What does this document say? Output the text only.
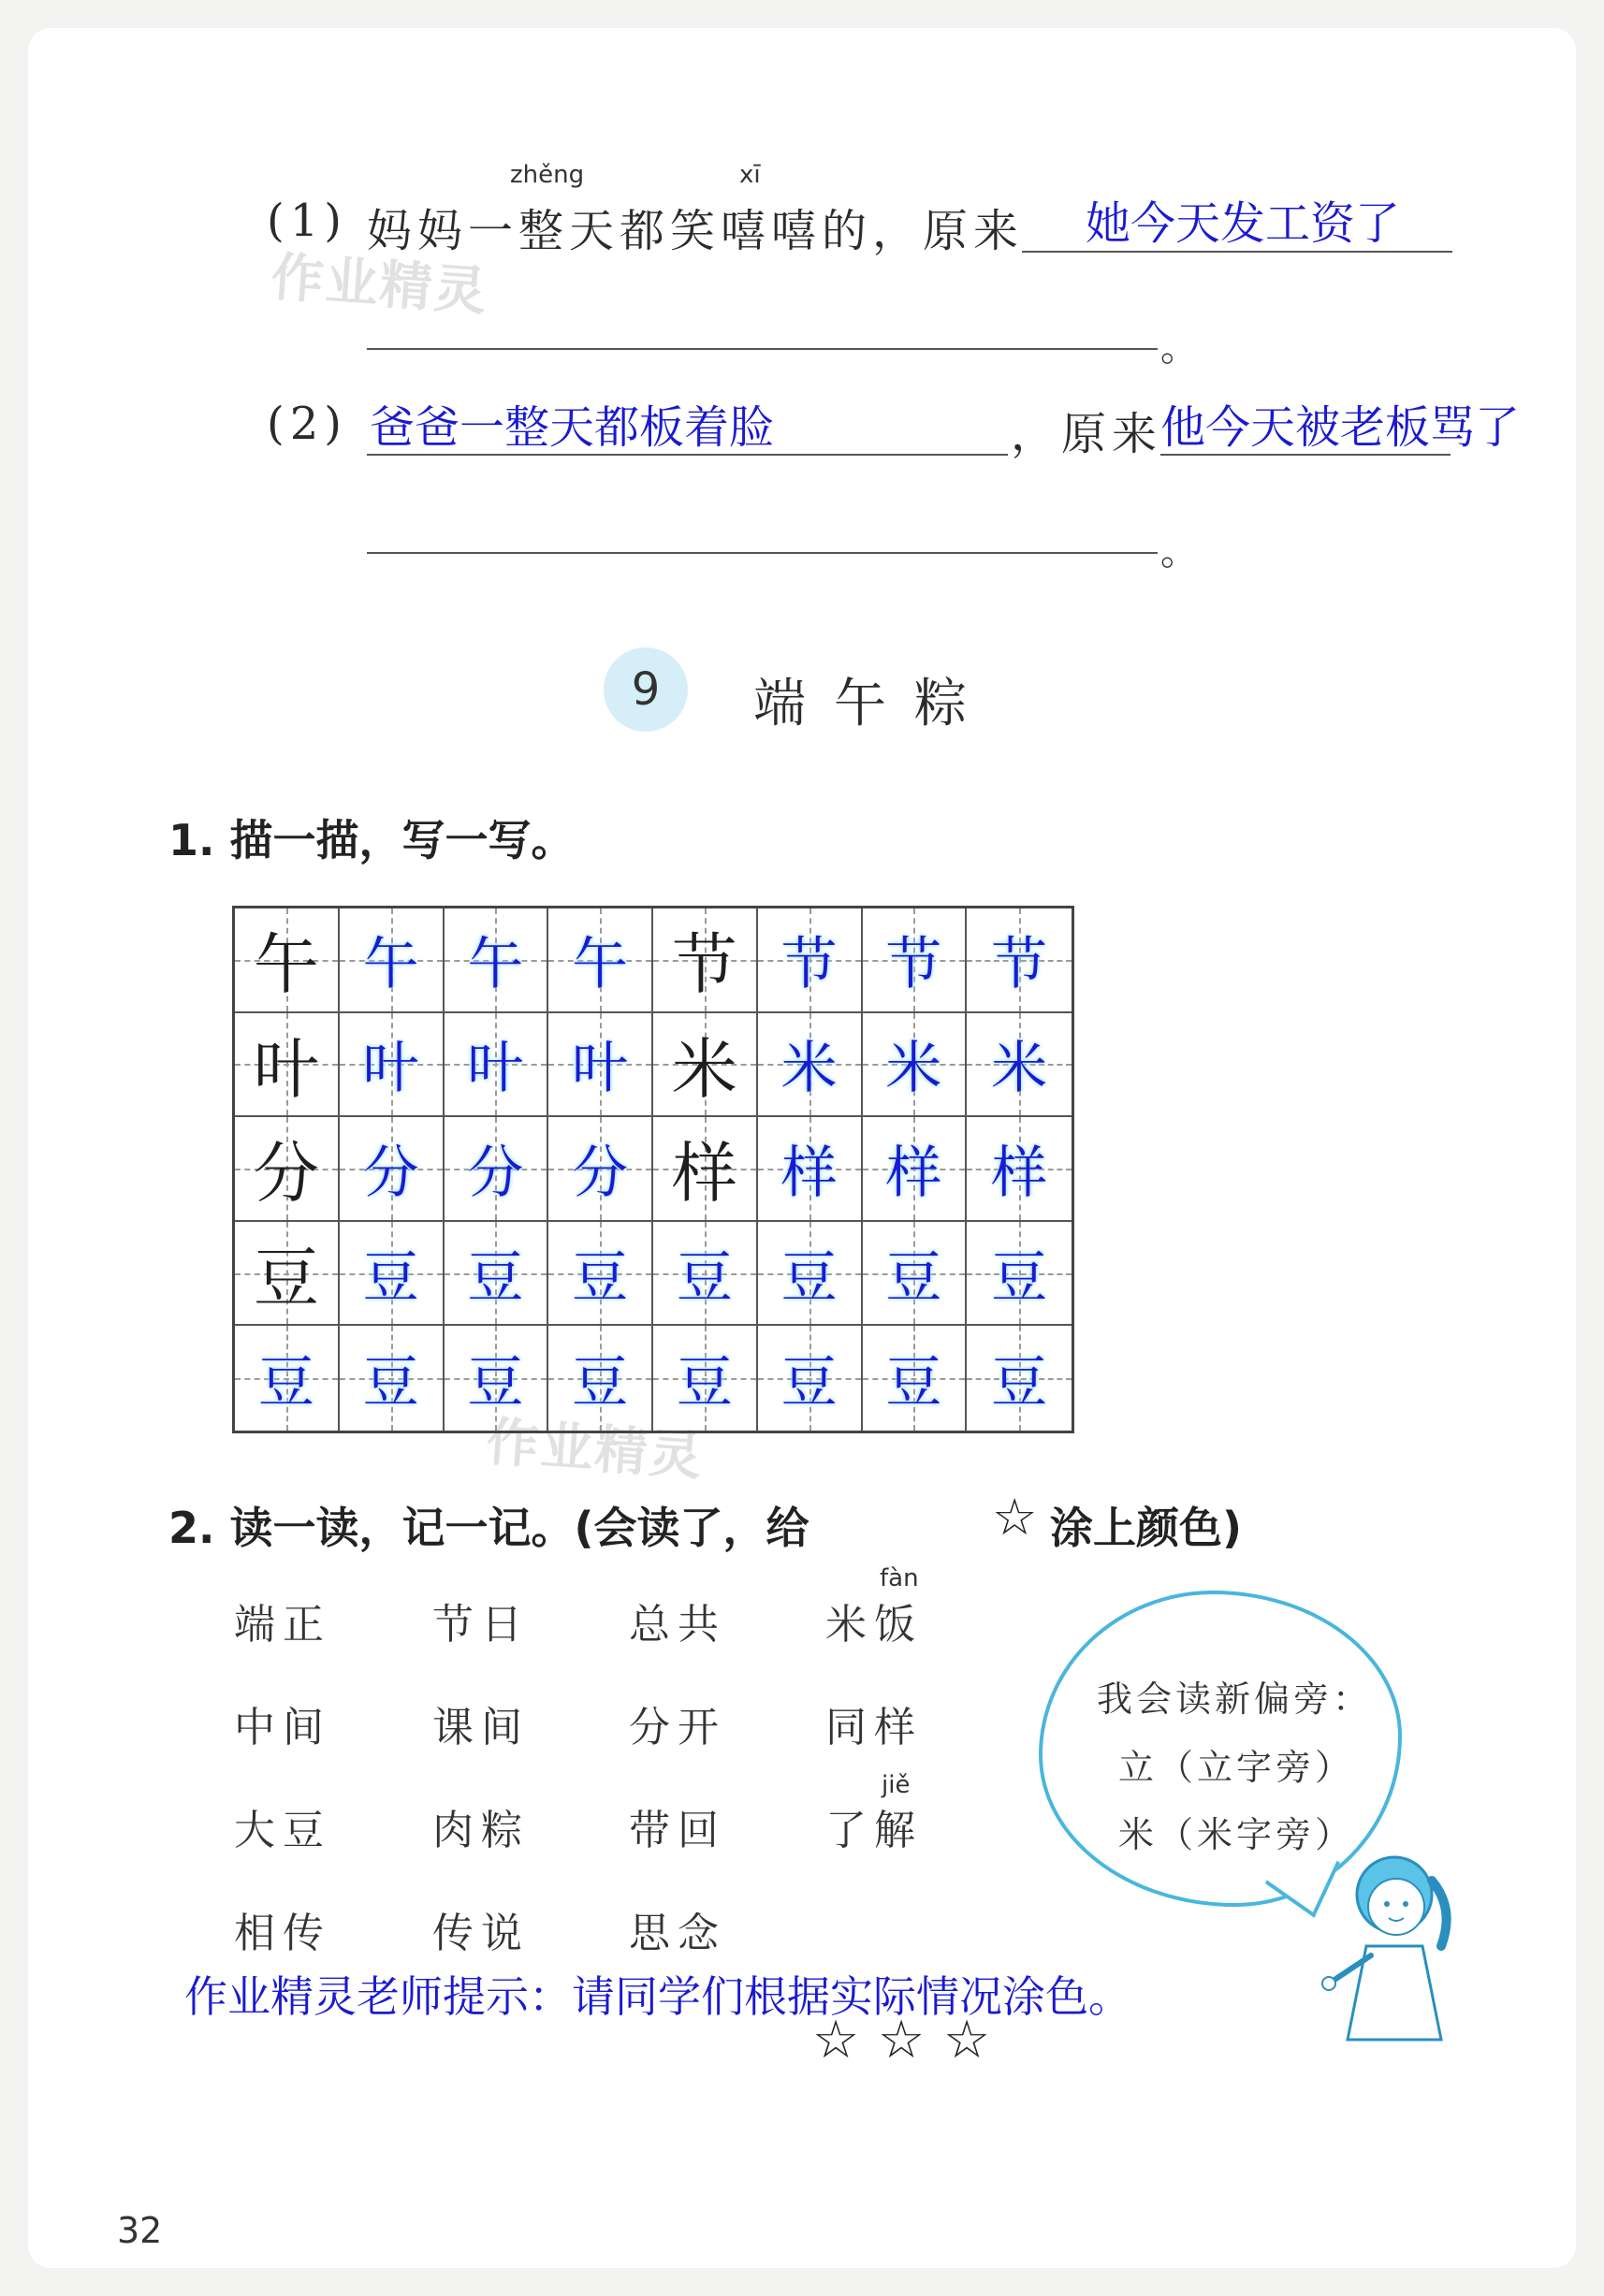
作业精灵
作业精灵
zhěng	xī
(1) 妈妈一整天都笑嘻嘻的，原来 她今天发工资了
。
(2) 爸爸一整天都板着脸	，原来
他今天被老板骂了
。
9	端午粽
1. 描一描，写一写。
午 午 午 午 节 节 节 节
叶 叶 叶 叶 米 米 米 米
分 分 分 分 样 样 样 样
豆 豆 豆 豆 豆 豆 豆 豆
豆 豆 豆 豆 豆 豆 豆 豆
2. 读一读，记一记。(会读了，给	☆ 涂上颜色)
fàn
jiě
端正 节日 总共 米饭
中间 课间 分开 同样
大豆 肉粽 带回 了解
相传 传说 思念
我会读新偏旁：
立（立字旁）
米（米字旁）
作业精灵老师提示：请同学们根据实际情况涂色。
☆ ☆ ☆
32
